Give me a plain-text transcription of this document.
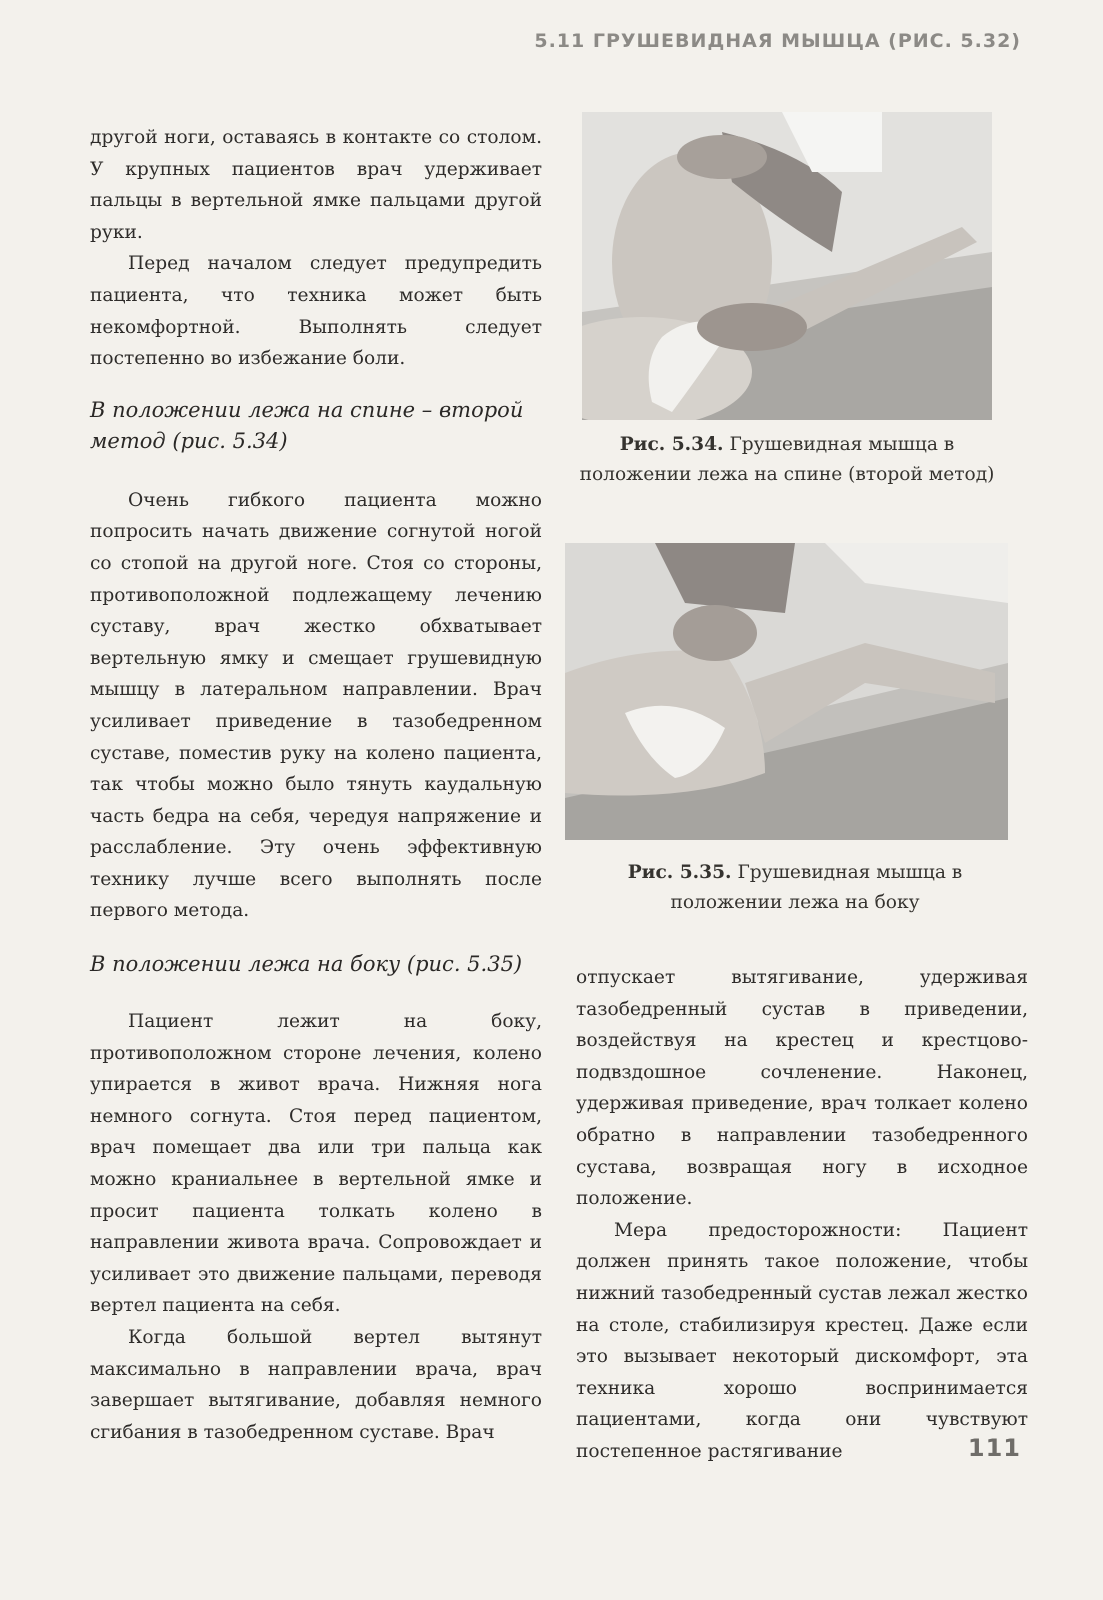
5.11 ГРУШЕВИДНАЯ МЫШЦА (РИС. 5.32)

другой ноги, оставаясь в контакте со столом. У крупных пациентов врач удерживает пальцы в вертельной ямке пальцами другой руки.

Перед началом следует предупредить пациента, что техника может быть некомфортной. Выполнять следует постепенно во избежание боли.

В положении лежа на спине – второй метод (рис. 5.34)

Очень гибкого пациента можно попросить начать движение согнутой ногой со стопой на другой ноге. Стоя со стороны, противоположной подлежащему лечению суставу, врач жестко обхватывает вертельную ямку и смещает грушевидную мышцу в латеральном направлении. Врач усиливает приведение в тазобедренном суставе, поместив руку на колено пациента, так чтобы можно было тянуть каудальную часть бедра на себя, чередуя напряжение и расслабление. Эту очень эффективную технику лучше всего выполнять после первого метода.

В положении лежа на боку (рис. 5.35)

Пациент лежит на боку, противоположном стороне лечения, колено упирается в живот врача. Нижняя нога немного согнута. Стоя перед пациентом, врач помещает два или три пальца как можно краниальнее в вертельной ямке и просит пациента толкать колено в направлении живота врача. Сопровождает и усиливает это движение пальцами, переводя вертел пациента на себя.

Когда большой вертел вытянут максимально в направлении врача, врач завершает вытягивание, добавляя немного сгибания в тазобедренном суставе. Врач

Рис. 5.34. Грушевидная мышца в положении лежа на спине (второй метод)
Рис. 5.35. Грушевидная мышца в положении лежа на боку

отпускает вытягивание, удерживая тазобедренный сустав в приведении, воздействуя на крестец и крестцово-подвздошное сочленение. Наконец, удерживая приведение, врач толкает колено обратно в направлении тазобедренного сустава, возвращая ногу в исходное положение.

Мера предосторожности: Пациент должен принять такое положение, чтобы нижний тазобедренный сустав лежал жестко на столе, стабилизируя крестец. Даже если это вызывает некоторый дискомфорт, эта техника хорошо воспринимается пациентами, когда они чувствуют постепенное растягивание	111
